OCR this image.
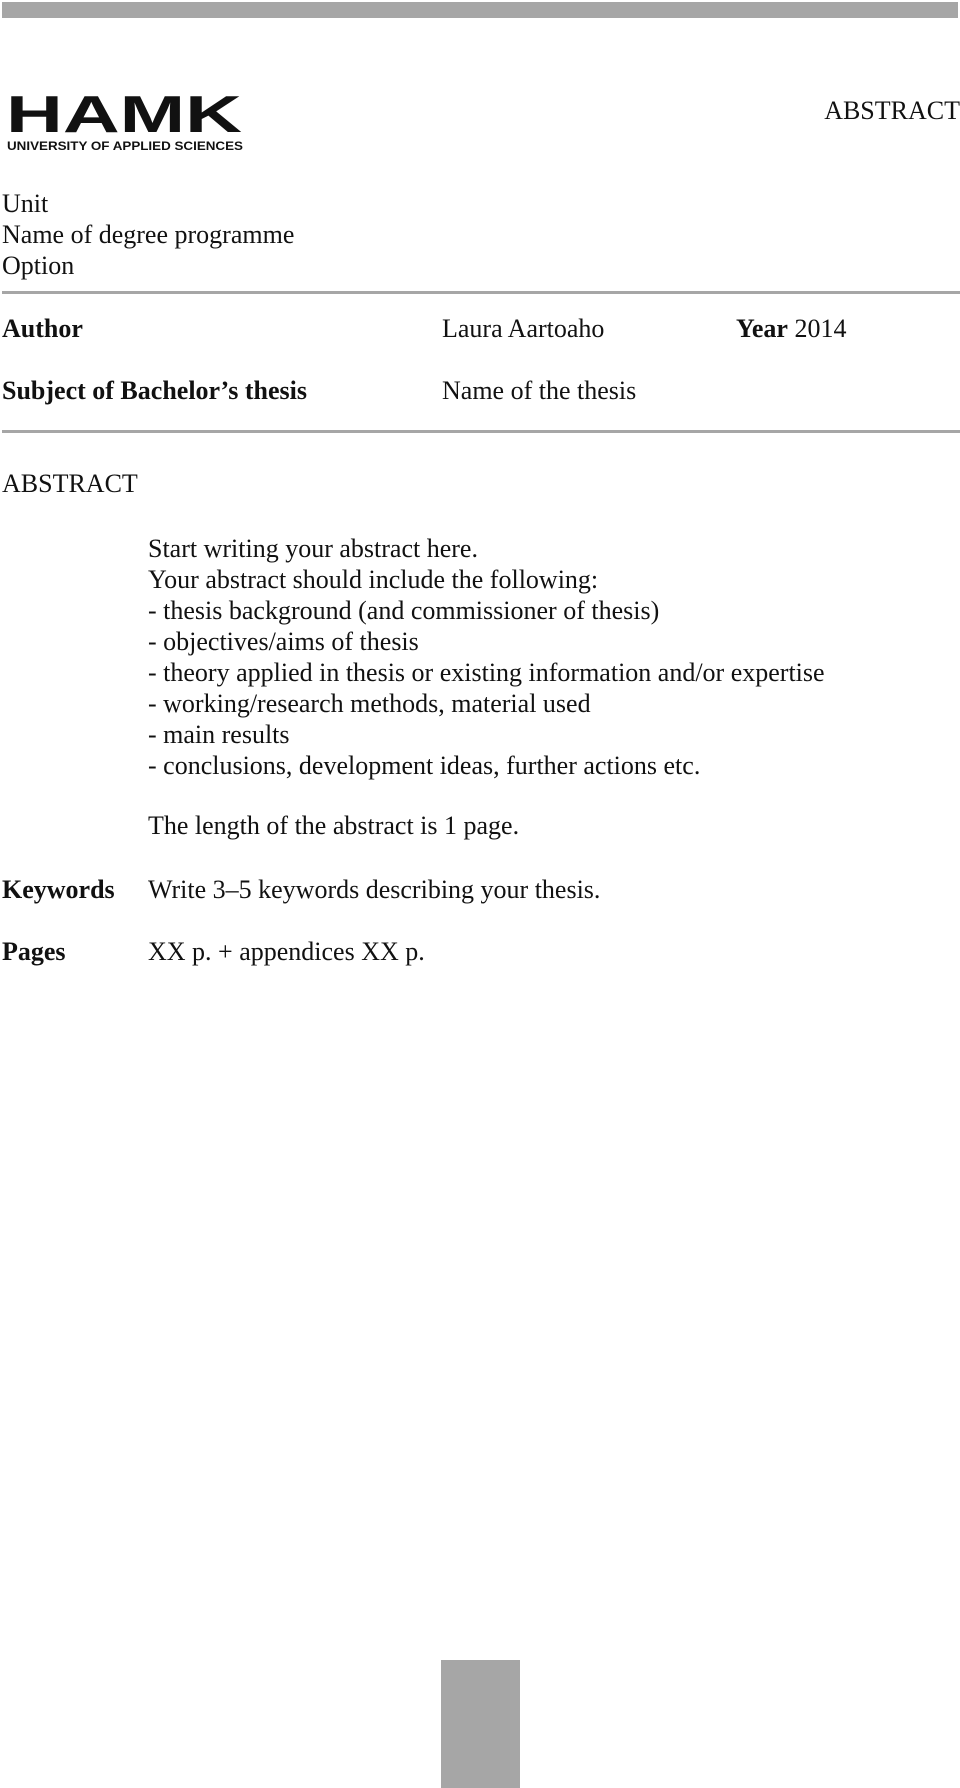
HAMK
UNIVERSITY OF APPLIED SCIENCES
ABSTRACT
Unit
Name of degree programme
Option
Author	Laura Aartoaho	Year 2014
Subject of Bachelor’s thesis	Name of the thesis
ABSTRACT
Start writing your abstract here.
Your abstract should include the following:
- thesis background (and commissioner of thesis)
- objectives/aims of thesis
- theory applied in thesis or existing information and/or expertise
- working/research methods, material used
- main results
- conclusions, development ideas, further actions etc.
The length of the abstract is 1 page.
Keywords Write 3–5 keywords describing your thesis.
Pages	XX p. + appendices XX p.
